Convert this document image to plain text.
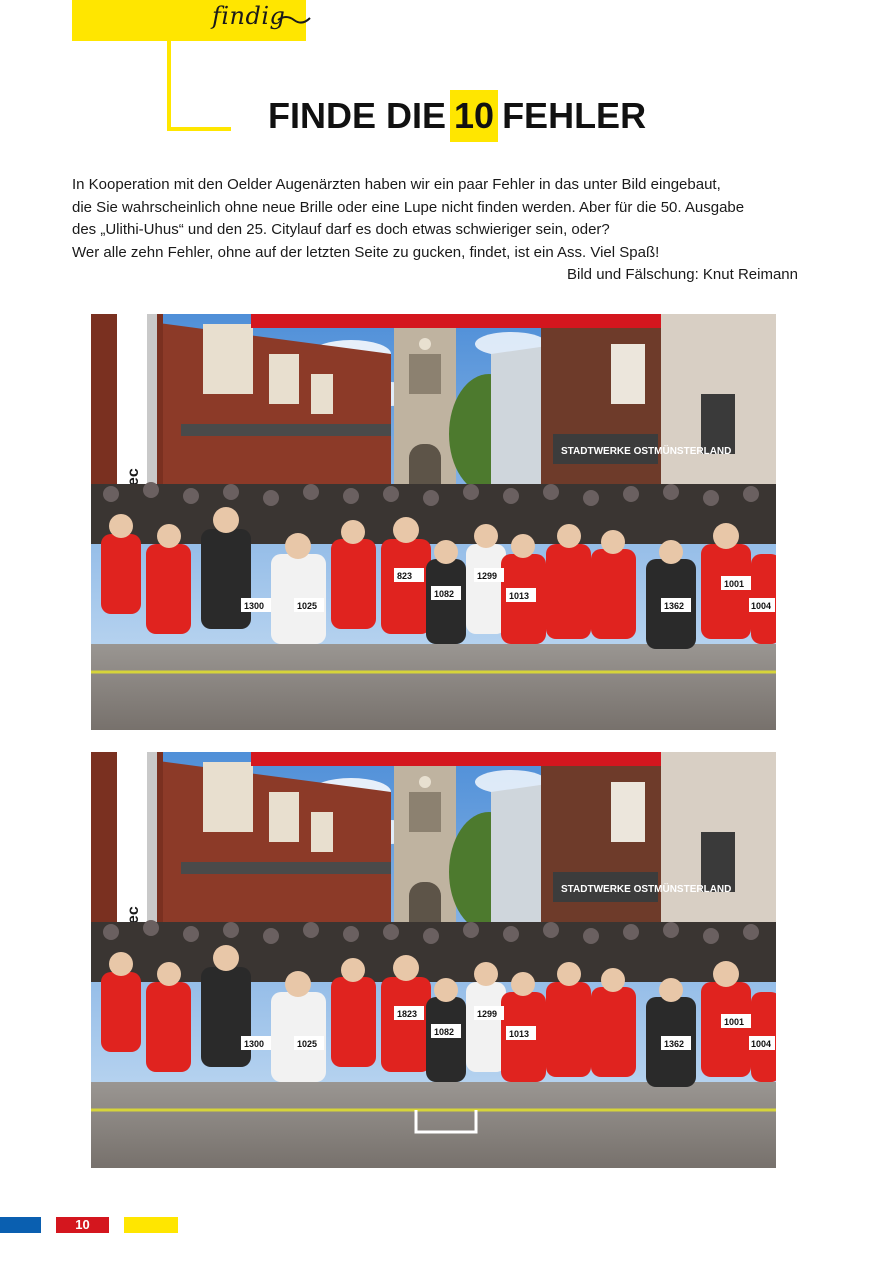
findig
FINDE DIE 10 FEHLER

In Kooperation mit den Oelder Augenärzten haben wir ein paar Fehler in das unter Bild eingebaut,

die Sie wahrscheinlich ohne neue Brille oder eine Lupe nicht finden werden. Aber für die 50. Ausgabe

des „Ulithi-Uhus“ und den 25. Citylauf darf es doch etwas schwieriger sein, oder?

Wer alle zehn Fehler, ohne auf der letzten Seite zu gucken, findet, ist ein Ass. Viel Spaß!

Bild und Fälschung: Knut Reimann

STADTWERKE OSTMÜNSTERLAND
1300	1025
823	1299
1082	1013
1362
1001
1004
STADTWERKE OSTMÜNSTERLAND
1300	1025
1823	1299
1082	1013
1362
1001
1004
10
